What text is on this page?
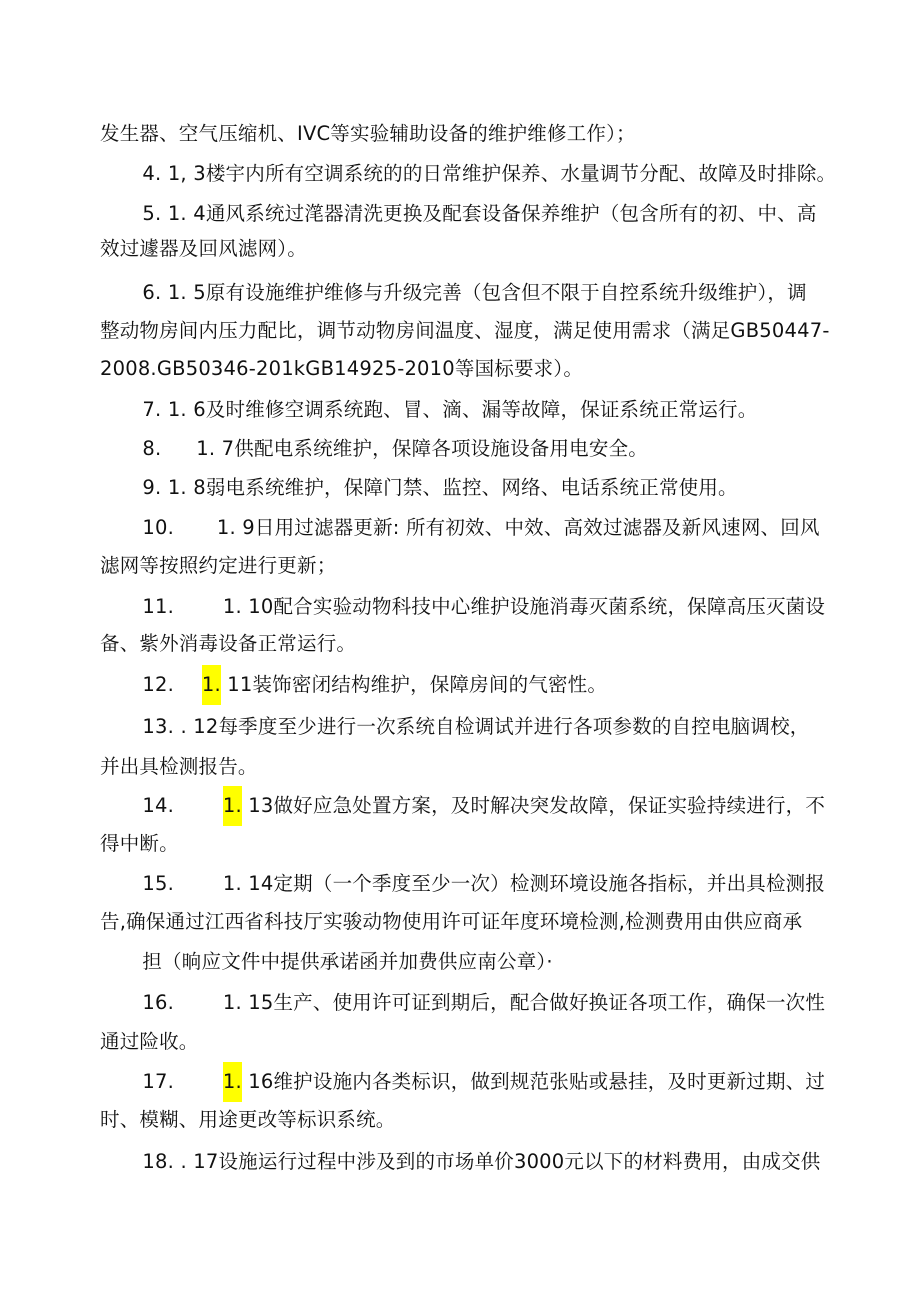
发生器、空气压缩机、IVC等实验辅助设备的维护维修工作）；
4. 1, 3楼宇内所有空调系统的的日常维护保养、水量调节分配、故障及时排除。
5. 1. 4通风系统过滗器清洗更换及配套设备保养维护（包含所有的初、中、高
效过遽器及回风滤网）。
6. 1. 5原有设施维护维修与升级完善（包含但不限于自控系统升级维护），调
整动物房间内压力配比，调节动物房间温度、湿度，满足使用需求（满足GB50447-
2008.GB50346-201kGB14925-2010等国标要求）。
7. 1. 6及时维修空调系统跑、冒、滴、漏等故障，保证系统正常运行。
8.  1. 7供配电系统维护，保障各项设施设备用电安全。
9. 1. 8弱电系统维护，保障门禁、监控、网络、电话系统正常使用。
10.  1. 9日用过滤器更新: 所有初效、中效、高效过滤器及新风速网、回风
滤网等按照约定进行更新；
11.	1. 10配合实验动物科技中心维护设施消毒灭菌系统，保障高压灭菌设
备、紫外消毒设备正常运行。
12.  1. 11装饰密闭结构维护，保障房间的气密性。
13. . 12每季度至少进行一次系统自检调试并进行各项参数的自控电脑调校，
并出具检测报告。
14.	1. 13做好应急处置方案，及时解决突发故障，保证实验持续进行，不
得中断。
15.	1. 14定期（一个季度至少一次）检测环境设施各指标，并出具检测报
告,确保通过江西省科技厅实骏动物使用许可证年度环境检测,检测费用由供应商承
担（晌应文件中提供承诺函并加费供应南公章）·
16.	1. 15生产、使用许可证到期后，配合做好换证各项工作，确保一次性
通过险收。
17.	1. 16维护设施内各类标识，做到规范张贴或悬挂，及时更新过期、过
时、模糊、用途更改等标识系统。
18. . 17设施运行过程中涉及到的市场单价3000元以下的材料费用，由成交供
